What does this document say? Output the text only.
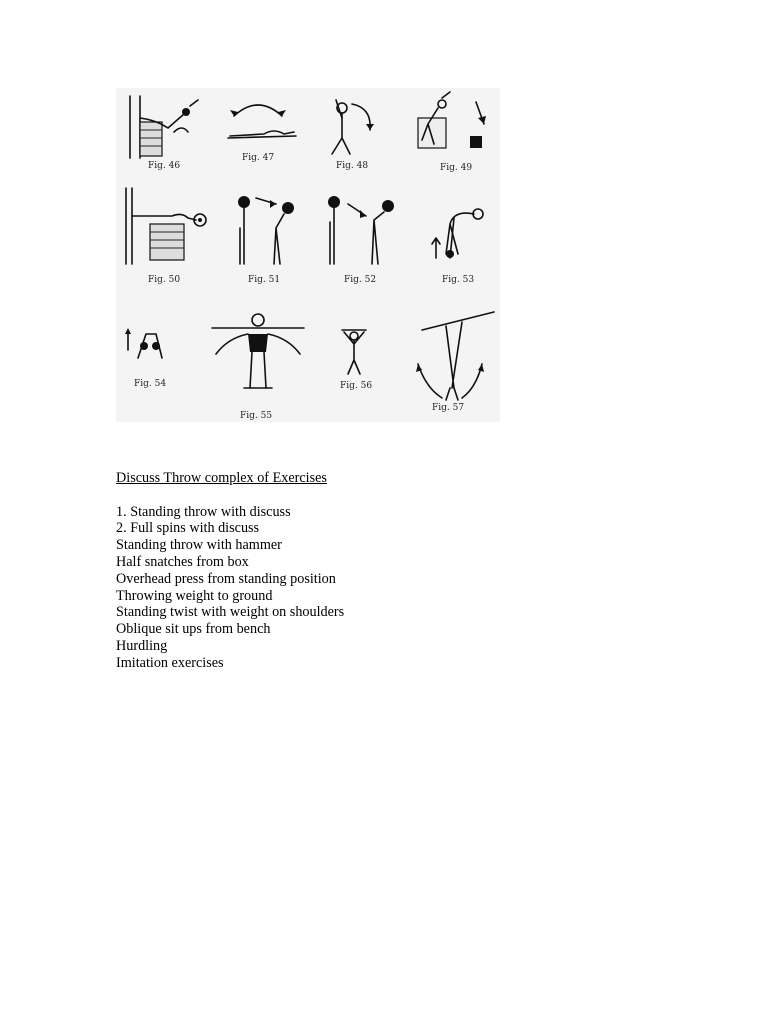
Fig. 46
Fig. 47
Fig. 48	Fig. 49
Fig. 50	Fig. 51	Fig. 52	Fig. 53
Fig. 54
Fig. 55
Fig. 56
Fig. 57

Discuss Throw complex of Exercises

1. Standing throw with discuss
2. Full spins with discuss
Standing throw with hammer
Half snatches from box
Overhead press from standing position
Throwing weight to ground
Standing twist with weight on shoulders
Oblique sit ups from bench
Hurdling
Imitation exercises
